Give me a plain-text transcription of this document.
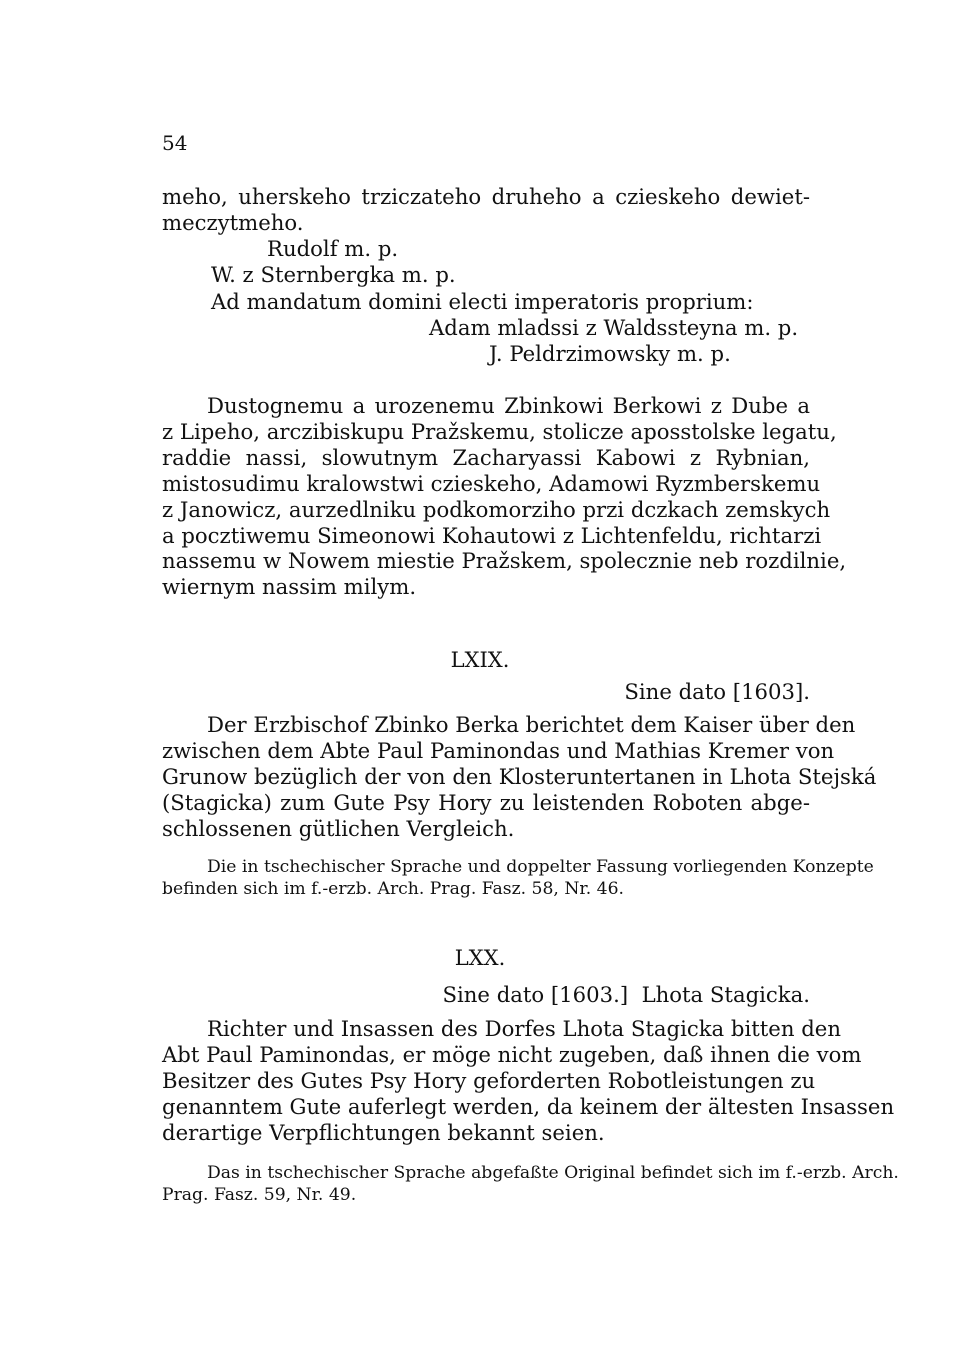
54
meho, uherskeho trziczateho druheho a czieskeho dewiet-
meczytmeho.
Rudolf m. p.
W. z Sternbergka m. p.
Ad mandatum domini electi imperatoris proprium:
Adam mladssi z Waldssteyna m. p.
J. Peldrzimowsky m. p.
Dustognemu a urozenemu Zbinkowi Berkowi z Dube a
z Lipeho, arczibiskupu Pražskemu, stolicze aposstolske legatu,
raddie nassi, slowutnym Zacharyassi Kabowi z Rybnian,
mistosudimu kralowstwi czieskeho, Adamowi Ryzmberskemu
z Janowicz, aurzedlniku podkomorziho przi dczkach zemskych
a pocztiwemu Simeonowi Kohautowi z Lichtenfeldu, richtarzi
nassemu w Nowem miestie Pražskem, spolecznie neb rozdilnie,
wiernym nassim milym.
LXIX.
Sine dato [1603].
Der Erzbischof Zbinko Berka berichtet dem Kaiser über den
zwischen dem Abte Paul Paminondas und Mathias Kremer von
Grunow bezüglich der von den Klosteruntertanen in Lhota Stejská
(Stagicka) zum Gute Psy Hory zu leistenden Roboten abge-
schlossenen gütlichen Vergleich.
Die in tschechischer Sprache und doppelter Fassung vorliegenden Konzepte
befinden sich im f.-erzb. Arch. Prag. Fasz. 58, Nr. 46.
LXX.
Sine dato [1603.]  Lhota Stagicka.
Richter und Insassen des Dorfes Lhota Stagicka bitten den
Abt Paul Paminondas, er möge nicht zugeben, daß ihnen die vom
Besitzer des Gutes Psy Hory geforderten Robotleistungen zu
genanntem Gute auferlegt werden, da keinem der ältesten Insassen
derartige Verpflichtungen bekannt seien.
Das in tschechischer Sprache abgefaßte Original befindet sich im f.-erzb. Arch.
Prag. Fasz. 59, Nr. 49.
